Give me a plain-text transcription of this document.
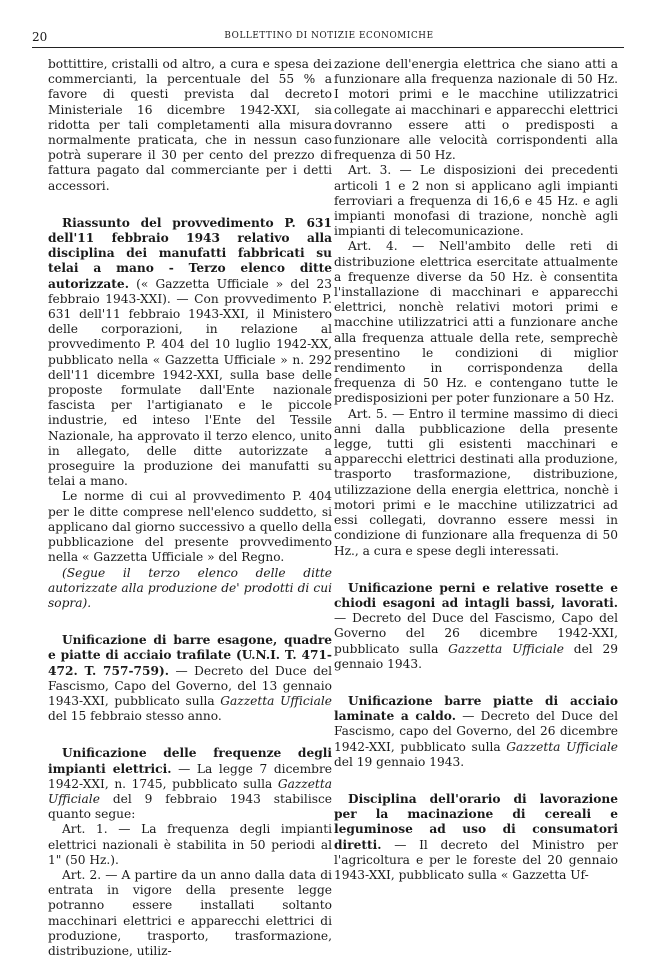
20	BOLLETTINO DI NOTIZIE ECONOMICHE

bottittire, cristalli od altro, a cura e spesa dei commercianti, la percentuale del 55 % a favore di questi prevista dal decreto Ministeriale 16 dicembre 1942-XXI, sia ridotta per tali completamenti alla misura normalmente praticata, che in nessun caso potrà superare il 30 per cento del prezzo di fattura pagato dal commerciante per i detti accessori.

Riassunto del provvedimento P. 631 dell'11 febbraio 1943 relativo alla disciplina dei manufatti fabbricati su telai a mano - Terzo elenco ditte autorizzate. (« Gazzetta Ufficiale » del 23 febbraio 1943-XXI). — Con provvedimento P. 631 dell'11 febbraio 1943-XXI, il Ministero delle corporazioni, in relazione al provvedimento P. 404 del 10 luglio 1942-XX, pubblicato nella « Gazzetta Ufficiale » n. 292 dell'11 dicembre 1942-XXI, sulla base delle proposte formulate dall'Ente nazionale fascista per l'artigianato e le piccole industrie, ed inteso l'Ente del Tessile Nazionale, ha approvato il terzo elenco, unito in allegato, delle ditte autorizzate a proseguire la produzione dei manufatti su telai a mano.

Le norme di cui al provvedimento P. 404 per le ditte comprese nell'elenco suddetto, si applicano dal giorno successivo a quello della pubblicazione del presente provvedimento nella « Gazzetta Ufficiale » del Regno.

(Segue il terzo elenco delle ditte autorizzate alla produzione de' prodotti di cui sopra).

Unificazione di barre esagone, quadre e piatte di acciaio trafilate (U.N.I. T. 471-472. T. 757-759). — Decreto del Duce del Fascismo, Capo del Governo, del 13 gennaio 1943-XXI, pubblicato sulla Gazzetta Ufficiale del 15 febbraio stesso anno.

Unificazione delle frequenze degli impianti elettrici. — La legge 7 dicembre 1942-XXI, n. 1745, pubblicato sulla Gazzetta Ufficiale del 9 febbraio 1943 stabilisce quanto segue:

Art. 1. — La frequenza degli impianti elettrici nazionali è stabilita in 50 periodi al 1" (50 Hz.).

Art. 2. — A partire da un anno dalla data di entrata in vigore della presente legge potranno essere installati soltanto macchinari elettrici e apparecchi elettrici di produzione, trasporto, trasformazione, distribuzione, utiliz-

zazione dell'energia elettrica che siano atti a funzionare alla frequenza nazionale di 50 Hz. I motori primi e le macchine utilizzatrici collegate ai macchinari e apparecchi elettrici dovranno essere atti o predisposti a funzionare alle velocità corrispondenti alla frequenza di 50 Hz.

Art. 3. — Le disposizioni dei precedenti articoli 1 e 2 non si applicano agli impianti ferroviari a frequenza di 16,6 e 45 Hz. e agli impianti monofasi di trazione, nonchè agli impianti di telecomunicazione.

Art. 4. — Nell'ambito delle reti di distribuzione elettrica esercitate attualmente a frequenze diverse da 50 Hz. è consentita l'installazione di macchinari e apparecchi elettrici, nonchè relativi motori primi e macchine utilizzatrici atti a funzionare anche alla frequenza attuale della rete, semprechè presentino le condizioni di miglior rendimento in corrispondenza della frequenza di 50 Hz. e contengano tutte le predisposizioni per poter funzionare a 50 Hz.

Art. 5. — Entro il termine massimo di dieci anni dalla pubblicazione della presente legge, tutti gli esistenti macchinari e apparecchi elettrici destinati alla produzione, trasporto trasformazione, distribuzione, utilizzazione della energia elettrica, nonchè i motori primi e le macchine utilizzatrici ad essi collegati, dovranno essere messi in condizione di funzionare alla frequenza di 50 Hz., a cura e spese degli interessati.

Unificazione perni e relative rosette e chiodi esagoni ad intagli bassi, lavorati. — Decreto del Duce del Fascismo, Capo del Governo del 26 dicembre 1942-XXI, pubblicato sulla Gazzetta Ufficiale del 29 gennaio 1943.

Unificazione barre piatte di acciaio laminate a caldo. — Decreto del Duce del Fascismo, capo del Governo, del 26 dicembre 1942-XXI, pubblicato sulla Gazzetta Ufficiale del 19 gennaio 1943.

Disciplina dell'orario di lavorazione per la macinazione di cereali e leguminose ad uso di consumatori diretti. — Il decreto del Ministro per l'agricoltura e per le foreste del 20 gennaio 1943-XXI, pubblicato sulla « Gazzetta Uf-
